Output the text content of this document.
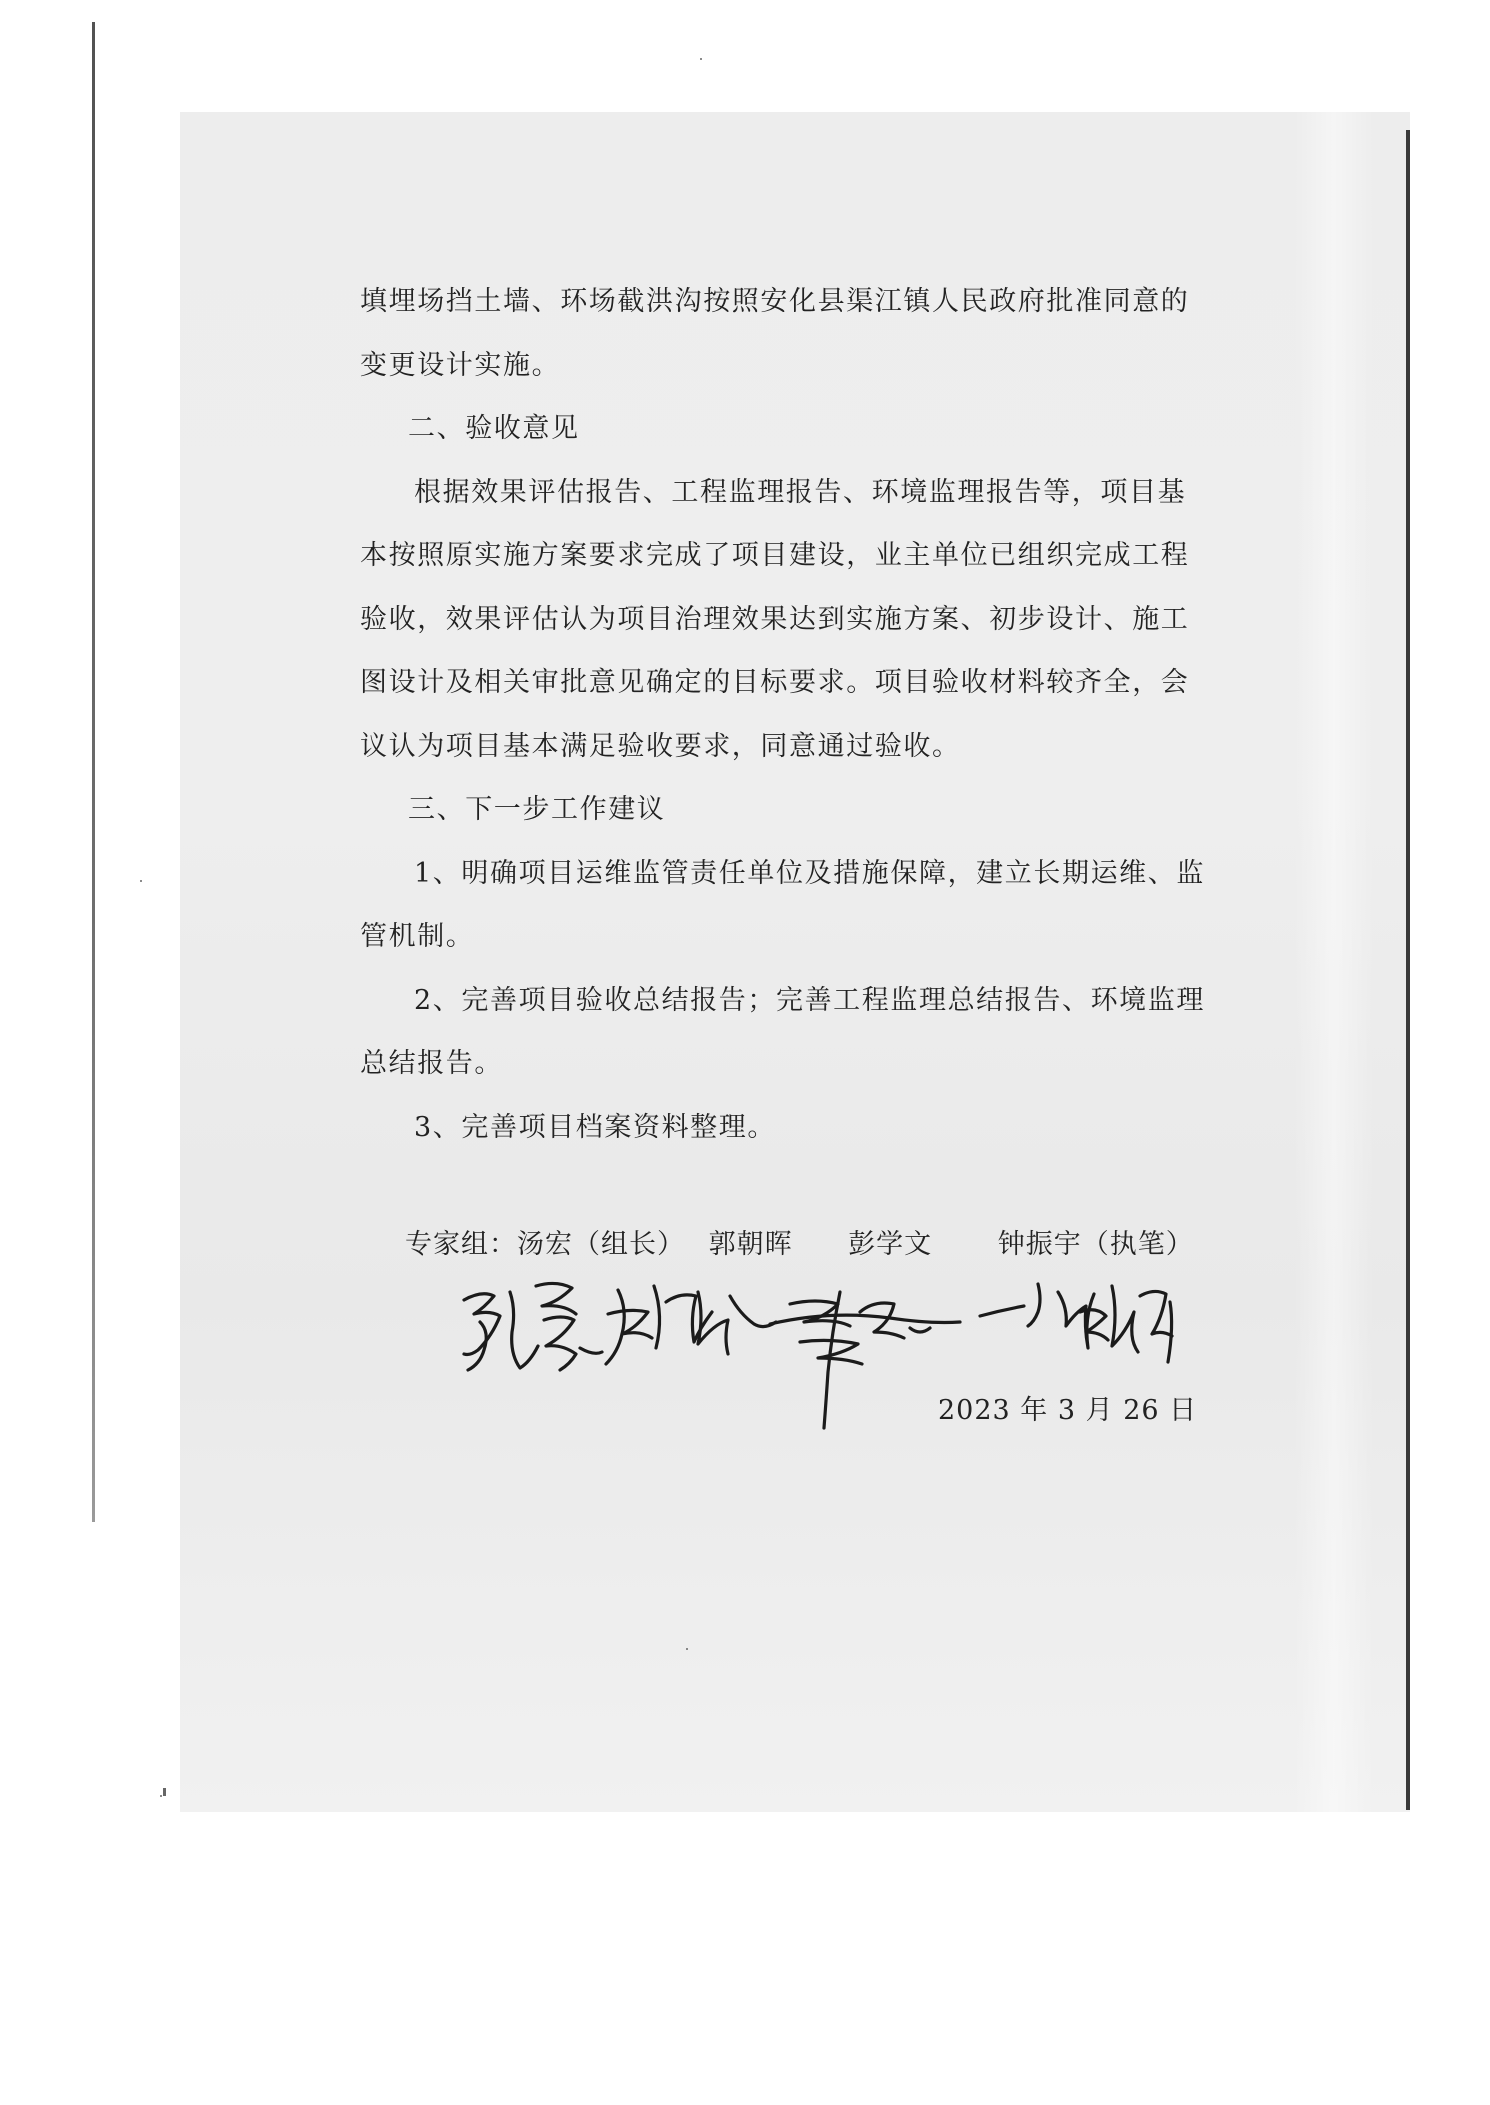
填埋场挡土墙、环场截洪沟按照安化县渠江镇人民政府批准同意的变更设计实施。

二、验收意见

根据效果评估报告、工程监理报告、环境监理报告等，项目基本按照原实施方案要求完成了项目建设，业主单位已组织完成工程验收，效果评估认为项目治理效果达到实施方案、初步设计、施工图设计及相关审批意见确定的目标要求。项目验收材料较齐全，会议认为项目基本满足验收要求，同意通过验收。

三、下一步工作建议

1、明确项目运维监管责任单位及措施保障，建立长期运维、监管机制。

2、完善项目验收总结报告；完善工程监理总结报告、环境监理总结报告。

3、完善项目档案资料整理。

专家组：汤宏（组长） 郭朝晖 彭学文 钟振宇（执笔）
2023 年 3 月 26 日
